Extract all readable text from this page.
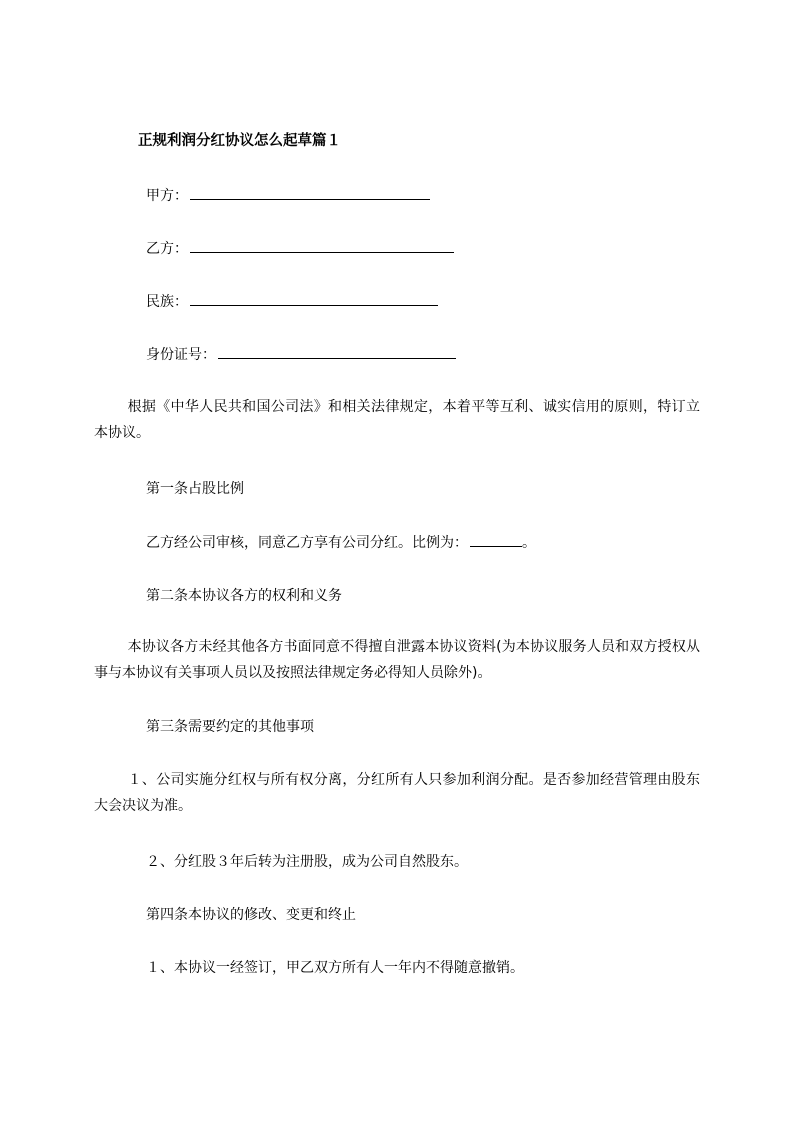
正规利润分红协议怎么起草篇１
甲方：
乙方：
民族：
身份证号：
根据《中华人民共和国公司法》和相关法律规定，本着平等互利、诚实信用的原则，特订立本协议。
第一条占股比例
乙方经公司审核，同意乙方享有公司分红。比例为：	。
第二条本协议各方的权利和义务
本协议各方未经其他各方书面同意不得擅自泄露本协议资料(为本协议服务人员和双方授权从事与本协议有关事项人员以及按照法律规定务必得知人员除外)。
第三条需要约定的其他事项
１、公司实施分红权与所有权分离，分红所有人只参加利润分配。是否参加经营管理由股东大会决议为准。
２、分红股３年后转为注册股，成为公司自然股东。
第四条本协议的修改、变更和终止
１、本协议一经签订，甲乙双方所有人一年内不得随意撤销。
